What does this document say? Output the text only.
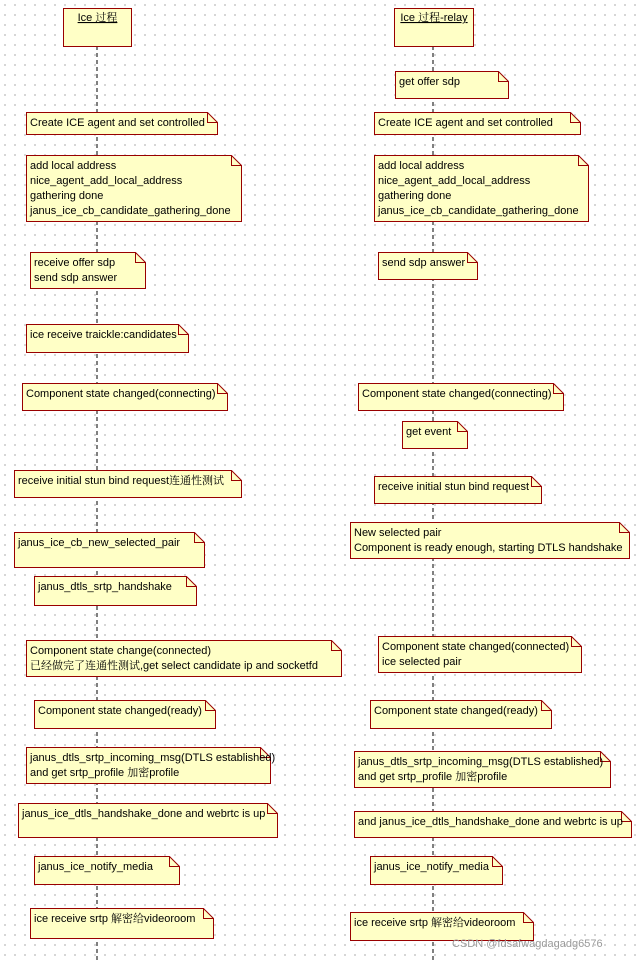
Ice 过程	Ice 过程-relay
Create ICE agent and set controlled
add local address
nice_agent_add_local_address
gathering done
janus_ice_cb_candidate_gathering_done
receive offer sdp
send sdp answer
ice receive traickle:candidates
Component state changed(connecting)
receive initial stun bind request连通性测试
janus_ice_cb_new_selected_pair
janus_dtls_srtp_handshake
Component state change(connected)
已经做完了连通性测试,get select candidate ip and socketfd
Component state changed(ready)
janus_dtls_srtp_incoming_msg(DTLS established)
and get srtp_profile 加密profile
janus_ice_dtls_handshake_done and webrtc is up
janus_ice_notify_media
ice receive srtp 解密给videoroom
get offer sdp
Create ICE agent and set controlled
add local address
nice_agent_add_local_address
gathering done
janus_ice_cb_candidate_gathering_done
send sdp answer
Component state changed(connecting)
get event
receive initial stun bind request
New selected pair
Component is ready enough, starting DTLS handshake
Component state changed(connected)
ice selected pair
Component state changed(ready)
janus_dtls_srtp_incoming_msg(DTLS established)
and get srtp_profile 加密profile
and janus_ice_dtls_handshake_done and webrtc is up
janus_ice_notify_media
ice receive srtp 解密给videoroom
CSDN @fdsafwagdagadg6576
